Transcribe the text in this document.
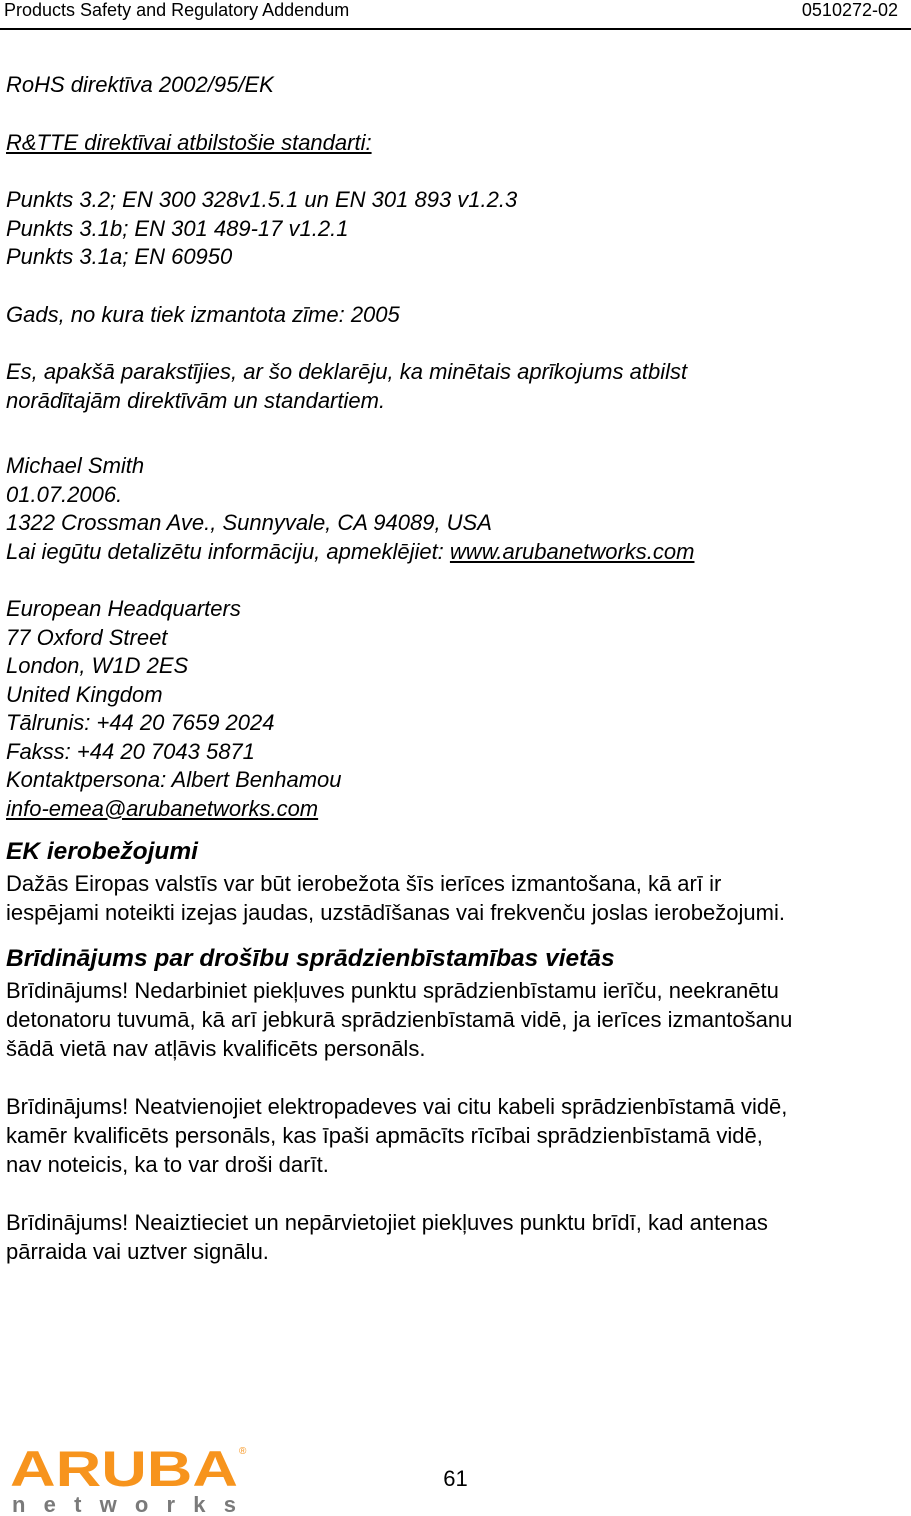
Products Safety and Regulatory Addendum	0510272-02

RoHS direktīva 2002/95/EK

R&TTE direktīvai atbilstošie standarti:

Punkts 3.2; EN 300 328v1.5.1 un EN 301 893 v1.2.3

Punkts 3.1b; EN 301 489-17 v1.2.1

Punkts 3.1a; EN 60950

Gads, no kura tiek izmantota zīme: 2005

Es, apakšā parakstījies, ar šo deklarēju, ka minētais aprīkojums atbilst

norādītajām direktīvām un standartiem.

Michael Smith

01.07.2006.

1322 Crossman Ave., Sunnyvale, CA 94089, USA

Lai iegūtu detalizētu informāciju, apmeklējiet: www.arubanetworks.com

European Headquarters

77 Oxford Street

London, W1D 2ES

United Kingdom

Tālrunis: +44 20 7659 2024

Fakss: +44 20 7043 5871

Kontaktpersona: Albert Benhamou

info-emea@arubanetworks.com

EK ierobežojumi

Dažās Eiropas valstīs var būt ierobežota šīs ierīces izmantošana, kā arī ir

iespējami noteikti izejas jaudas, uzstādīšanas vai frekvenču joslas ierobežojumi.

Brīdinājums par drošību sprādzienbīstamības vietās

Brīdinājums! Nedarbiniet piekļuves punktu sprādzienbīstamu ierīču, neekranētu

detonatoru tuvumā, kā arī jebkurā sprādzienbīstamā vidē, ja ierīces izmantošanu

šādā vietā nav atļāvis kvalificēts personāls.

Brīdinājums! Neatvienojiet elektropadeves vai citu kabeli sprādzienbīstamā vidē,

kamēr kvalificēts personāls, kas īpaši apmācīts rīcībai sprādzienbīstamā vidē,

nav noteicis, ka to var droši darīt.

Brīdinājums! Neaiztieciet un nepārvietojiet piekļuves punktu brīdī, kad antenas

pārraida vai uztver signālu.

ARUBA ®
networks
61
